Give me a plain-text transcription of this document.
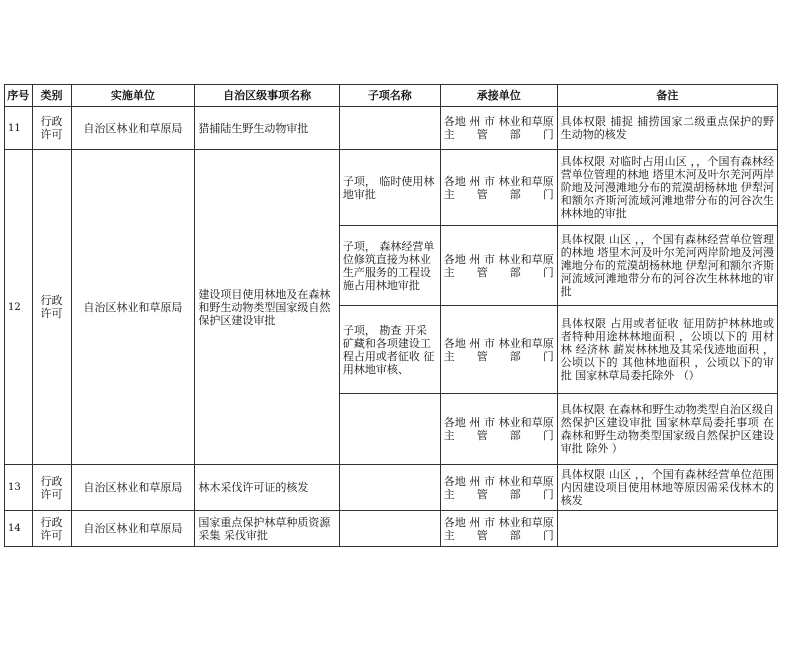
序号	类别	实施单位	自治区级事项名称	子项名称	承接单位	备注
11	行政许可	自治区林业和草原局	猎捕陆生野生动物审批		各地 州 市 林业和草原主管部门	具体权限 捕捉 捕捞国家二级重点保护的野生动物的核发
12	行政许可	自治区林业和草原局	建设项目使用林地及在森林和野生动物类型国家级自然保护区建设审批	子项， 临时使用林地审批	各地 州 市 林业和草原主管部门	具体权限 对临时占用山区 ，，个国有森林经营单位管理的林地 塔里木河及叶尔羌河两岸阶地及河漫滩地分布的荒漠胡杨林地 伊犁河和额尔齐斯河流域河滩地带分布的河谷次生林林地的审批
				子项， 森林经营单位修筑直接为林业生产服务的工程设施占用林地审批	各地 州 市 林业和草原主管部门	具体权限 山区 ，，个国有森林经营单位管理的林地 塔里木河及叶尔羌河两岸阶地及河漫滩地分布的荒漠胡杨林地 伊犁河和额尔齐斯河流域河滩地带分布的河谷次生林林地的审批
				子项， 勘查 开采矿藏和各项建设工程占用或者征收 征用林地审核、	各地 州 市 林业和草原主管部门	具体权限 占用或者征收 征用防护林林地或者特种用途林林地面积 ，公顷以下的 用材林 经济林 薪炭林林地及其采伐迹地面积 ，公顷以下的 其他林地面积 ，公顷以下的审批 国家林草局委托除外 （）
					各地 州 市 林业和草原主管部门	具体权限 在森林和野生动物类型自治区级自然保护区建设审批 国家林草局委托事项 在森林和野生动物类型国家级自然保护区建设审批 除外 ）
13	行政许可	自治区林业和草原局	林木采伐许可证的核发		各地 州 市 林业和草原主管部门	具体权限 山区 ，，个国有森林经营单位范围内因建设项目使用林地等原因需采伐林木的核发
14	行政许可	自治区林业和草原局	国家重点保护林草种质资源采集 采伐审批		各地 州 市 林业和草原主管部门	
